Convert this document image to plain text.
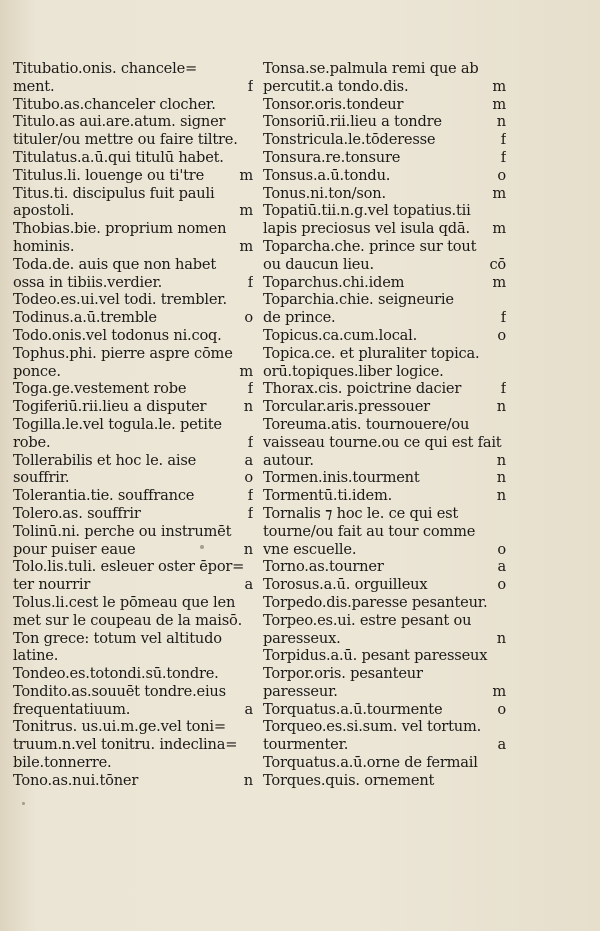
Titubatio.onis. chancele=
ment.	f
Titubo.as.chanceler clocher.
Titulo.as aui.are.atum. signer
tituler/ou mettre ou faire tiltre.
Titulatus.a.ū.qui titulū habet.
Titulus.li. louenge ou ti'tre	m
Titus.ti. discipulus fuit pauli
apostoli.	m
Thobias.bie. proprium nomen
hominis.	m
Toda.de. auis que non habet
ossa in tibiis.verdier.	f
Todeo.es.ui.vel todi. trembler.
Todinus.a.ū.tremble	o
Todo.onis.vel todonus ni.coq.
Tophus.phi. pierre aspre cōme
ponce.	m
Toga.ge.vestement robe	f
Togiferiū.rii.lieu a disputer	n
Togilla.le.vel togula.le. petite
robe.	f
Tollerabilis et hoc le. aise	a
souffrir.	o
Tolerantia.tie. souffrance	f
Tolero.as. souffrir	f
Tolinū.ni. perche ou instrumēt
pour puiser eaue	n
Tolo.lis.tuli. esleuer oster ēpor=
ter nourrir	a
Tolus.li.cest le pōmeau que len
met sur le coupeau de la maisō.
Ton grece: totum vel altitudo
latine.
Tondeo.es.totondi.sū.tondre.
Tondito.as.souuēt tondre.eius
frequentatiuum.	a
Tonitrus. us.ui.m.ge.vel toni=
truum.n.vel tonitru. indeclina=
bile.tonnerre.
Tono.as.nui.tōner	n
Tonsa.se.palmula remi que ab
percutit.a tondo.dis.	m
Tonsor.oris.tondeur	m
Tonsoriū.rii.lieu a tondre	n
Tonstricula.le.tōderesse	f
Tonsura.re.tonsure	f
Tonsus.a.ū.tondu.	o
Tonus.ni.ton/son.	m
Topatiū.tii.n.g.vel topatius.tii
lapis preciosus vel isula qdā.	m
Toparcha.che. prince sur tout
ou daucun lieu.	cō
Toparchus.chi.idem	m
Toparchia.chie. seigneurie
de prince.	f
Topicus.ca.cum.local.	o
Topica.ce. et pluraliter topica.
orū.topiques.liber logice.
Thorax.cis. poictrine dacier	f
Torcular.aris.pressouer	n
Toreuma.atis. tournouere/ou
vaisseau tourne.ou ce qui est fait
autour.	n
Tormen.inis.tourment	n
Tormentū.ti.idem.	n
Tornalis ⁊ hoc le. ce qui est
tourne/ou fait au tour comme
vne escuelle.	o
Torno.as.tourner	a
Torosus.a.ū. orguilleux	o
Torpedo.dis.paresse pesanteur.
Torpeo.es.ui. estre pesant ou
paresseux.	n
Torpidus.a.ū. pesant paresseux
Torpor.oris. pesanteur
paresseur.	m
Torquatus.a.ū.tourmente	o
Torqueo.es.si.sum. vel tortum.
tourmenter.	a
Torquatus.a.ū.orne de fermail
Torques.quis. ornement
